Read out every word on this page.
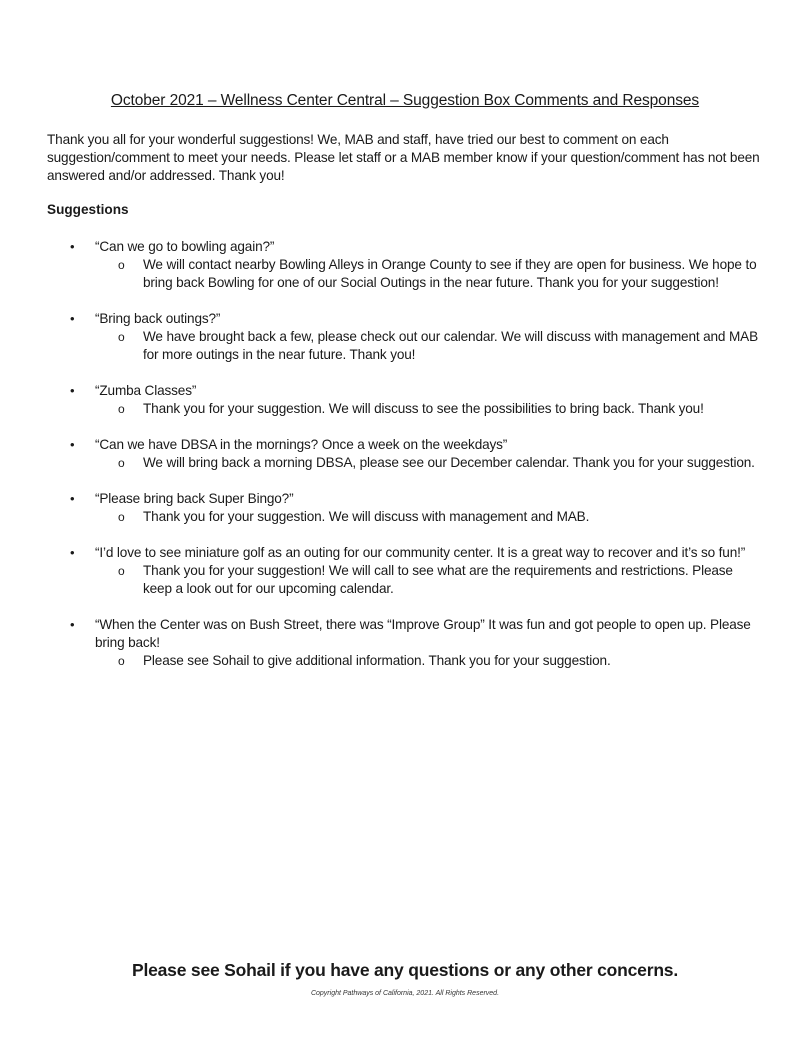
October 2021 – Wellness Center Central – Suggestion Box Comments and Responses
Thank you all for your wonderful suggestions! We, MAB and staff, have tried our best to comment on each suggestion/comment to meet your needs. Please let staff or a MAB member know if your question/comment has not been answered and/or addressed. Thank you!
Suggestions
• “Can we go to bowling again?”
o We will contact nearby Bowling Alleys in Orange County to see if they are open for business. We hope to bring back Bowling for one of our Social Outings in the near future. Thank you for your suggestion!
• “Bring back outings?”
o We have brought back a few, please check out our calendar. We will discuss with management and MAB for more outings in the near future. Thank you!
• “Zumba Classes”
o Thank you for your suggestion. We will discuss to see the possibilities to bring back. Thank you!
• “Can we have DBSA in the mornings? Once a week on the weekdays”
o We will bring back a morning DBSA, please see our December calendar. Thank you for your suggestion.
• “Please bring back Super Bingo?”
o Thank you for your suggestion. We will discuss with management and MAB.
• “I’d love to see miniature golf as an outing for our community center. It is a great way to recover and it’s so fun!”
o Thank you for your suggestion! We will call to see what are the requirements and restrictions. Please keep a look out for our upcoming calendar.
• “When the Center was on Bush Street, there was “Improve Group” It was fun and got people to open up. Please bring back!
o Please see Sohail to give additional information. Thank you for your suggestion.
Please see Sohail if you have any questions or any other concerns.
Copyright Pathways of California, 2021. All Rights Reserved.
